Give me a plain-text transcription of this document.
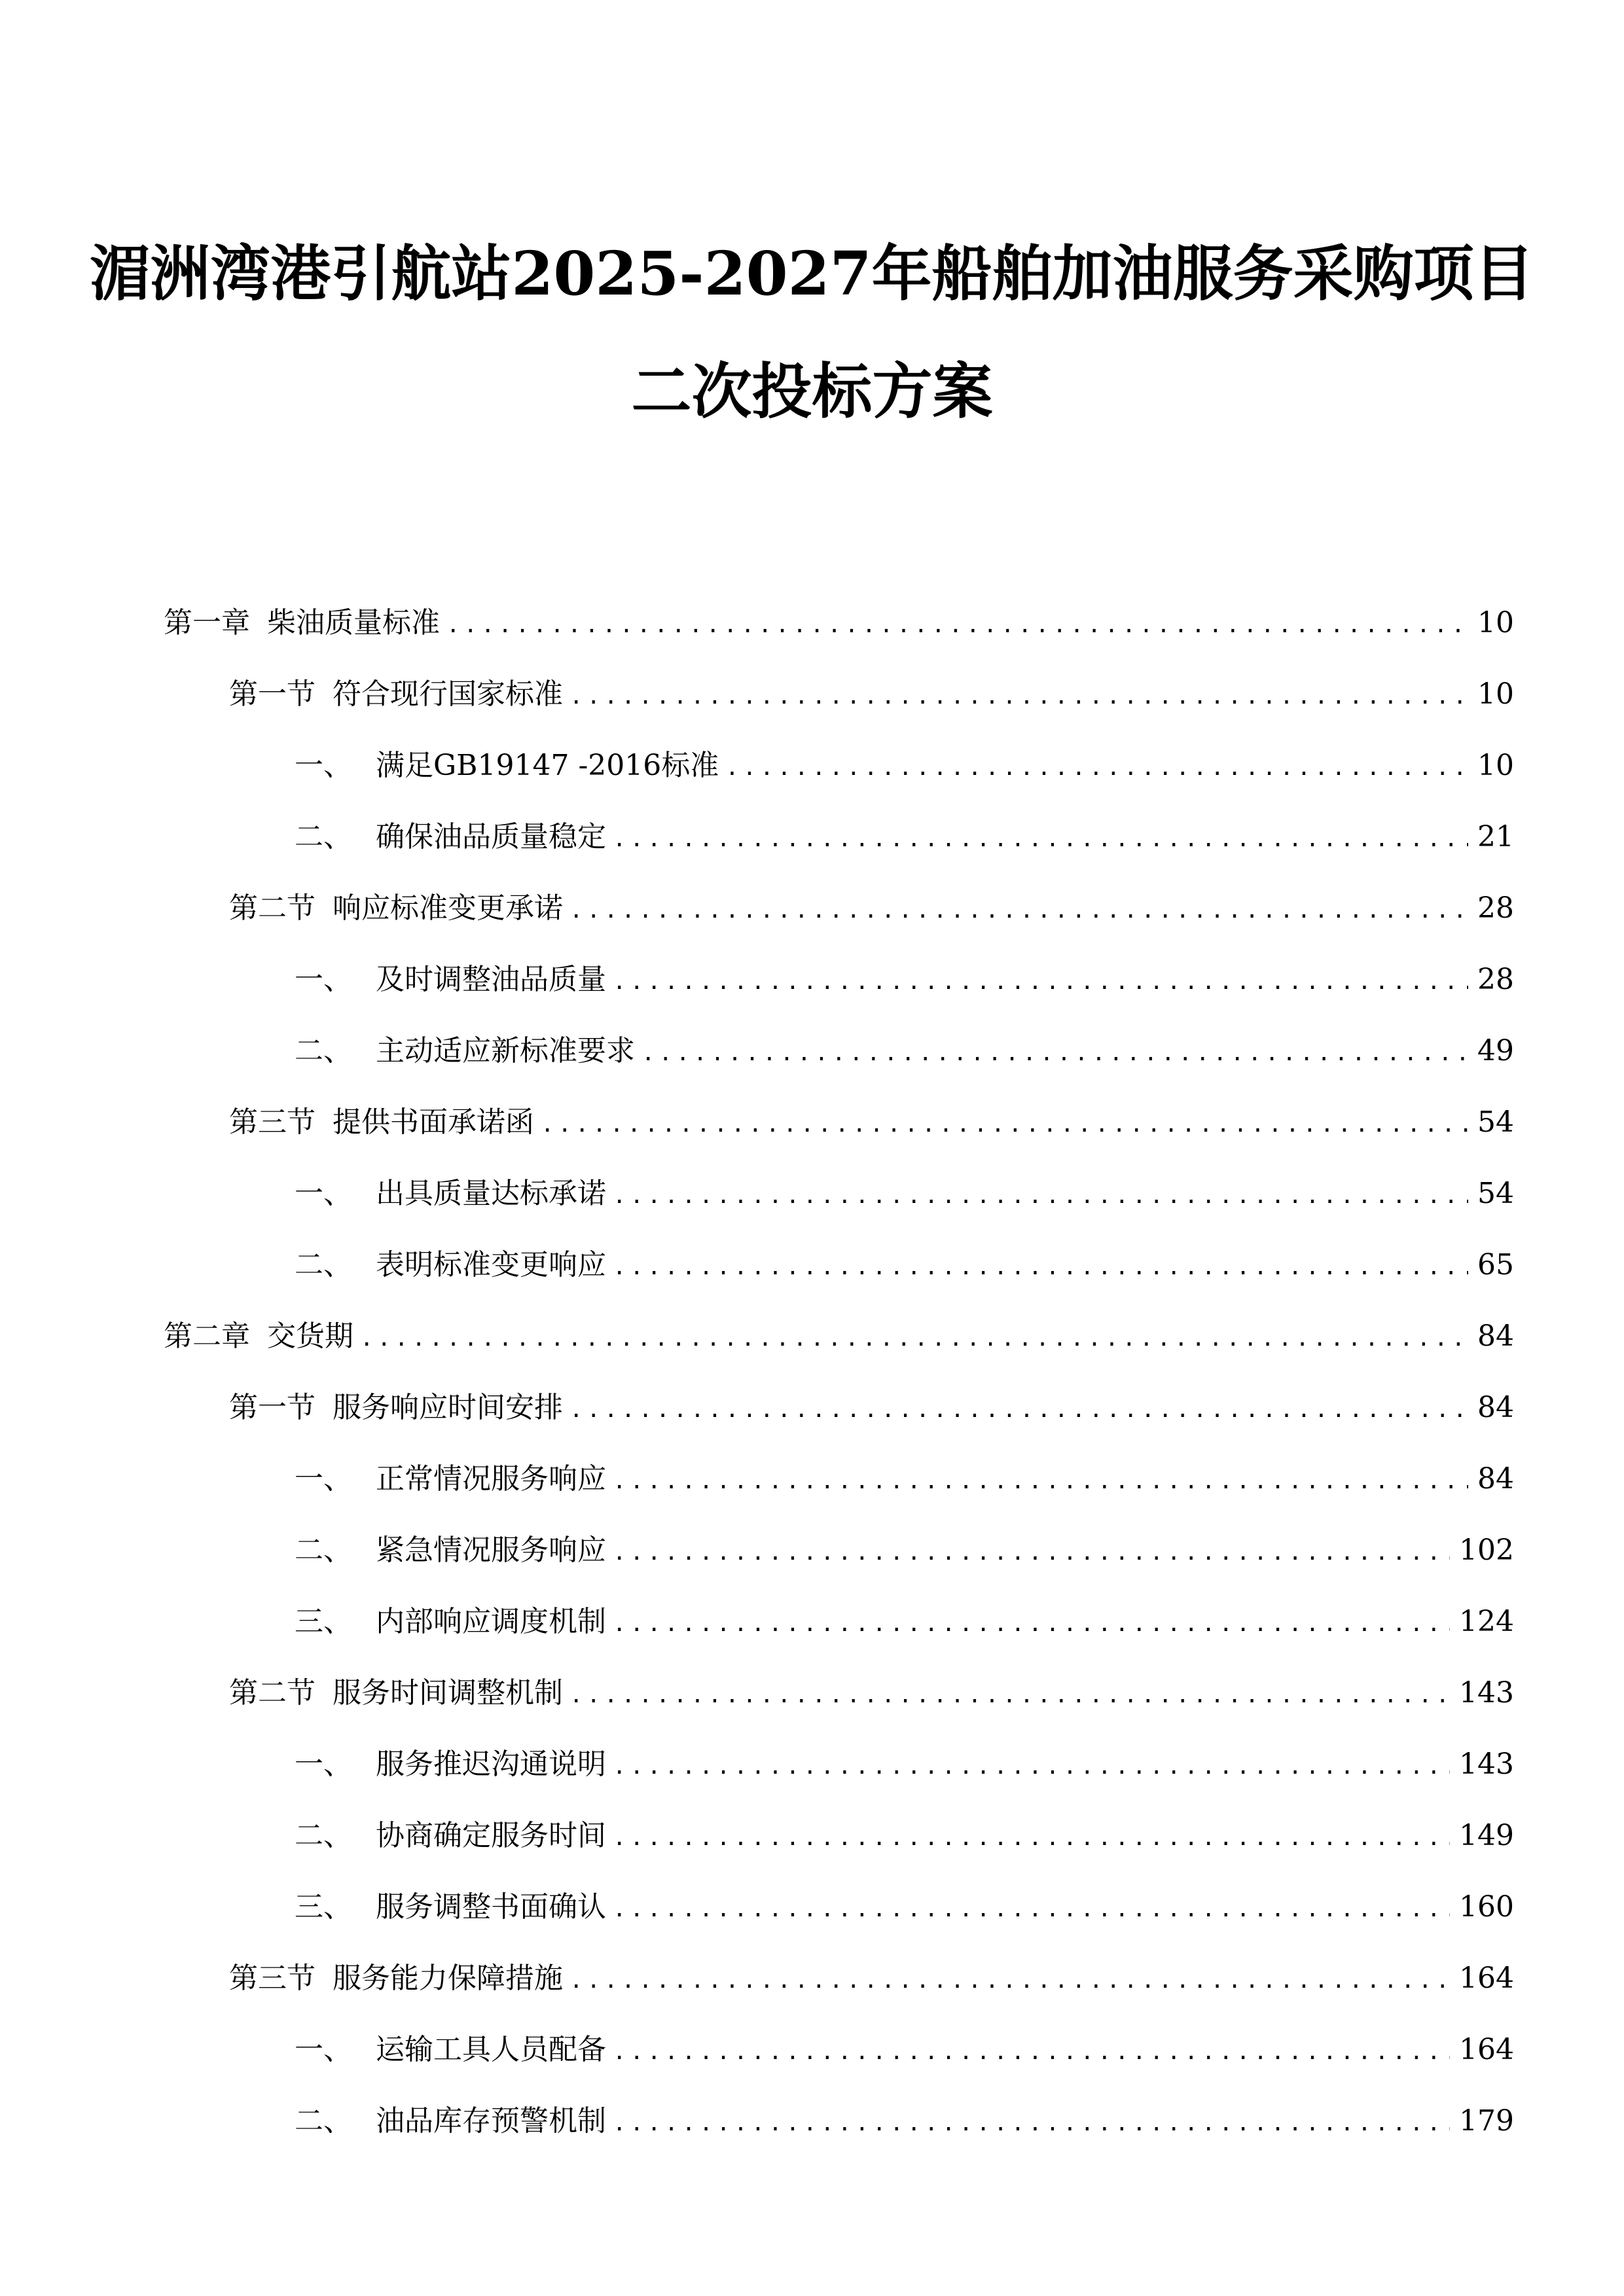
湄洲湾港引航站2025-2027年船舶加油服务采购项目
二次投标方案
第一章 柴油质量标准 .....	10
第一节 符合现行国家标准 .....	10
一、 满足GB19147 -2016标准 .....	10
二、 确保油品质量稳定 .....	21
第二节 响应标准变更承诺 .....	28
一、 及时调整油品质量 .....	28
二、 主动适应新标准要求 .....	49
第三节 提供书面承诺函 .....	54
一、 出具质量达标承诺 .....	54
二、 表明标准变更响应 .....	65
第二章 交货期 .....	84
第一节 服务响应时间安排 .....	84
一、 正常情况服务响应 .....	84
二、 紧急情况服务响应 .....	102
三、 内部响应调度机制 .....	124
第二节 服务时间调整机制 .....	143
一、 服务推迟沟通说明 .....	143
二、 协商确定服务时间 .....	149
三、 服务调整书面确认 .....	160
第三节 服务能力保障措施 .....	164
一、 运输工具人员配备 .....	164
二、 油品库存预警机制 .....	179
